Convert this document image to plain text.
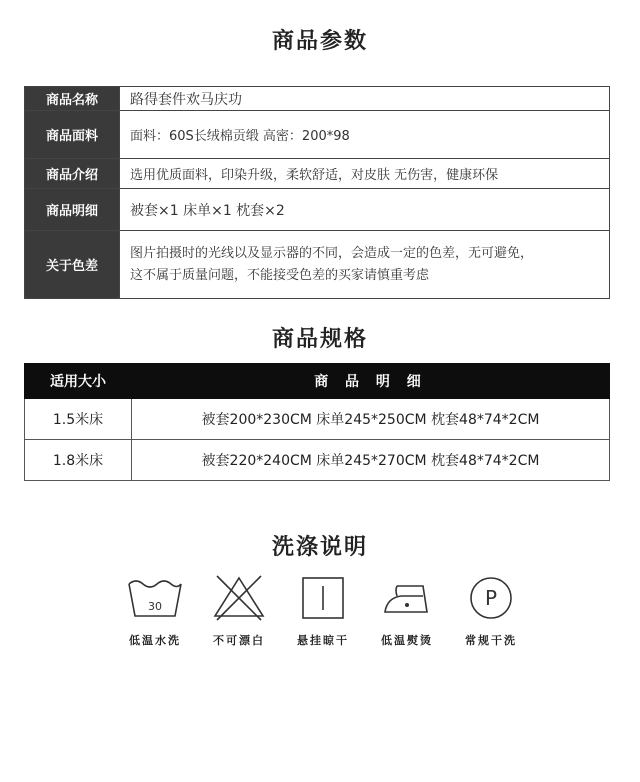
商品参数
商品名称	路得套件欢马庆功
商品面料	面料：60S长绒棉贡缎 高密：200*98
商品介绍	选用优质面料，印染升级，柔软舒适，对皮肤 无伤害，健康环保
商品明细	被套×1 床单×1 枕套×2
关于色差	图片拍摄时的光线以及显示器的不同，会造成一定的色差，无可避免，
这不属于质量问题，不能接受色差的买家请慎重考虑
商品规格
适用大小	商 品 明 细
1.5米床	被套200*230CM 床单245*250CM 枕套48*74*2CM
1.8米床	被套220*240CM 床单245*270CM 枕套48*74*2CM
洗涤说明
30
低温水洗	不可漂白	悬挂晾干	低温熨烫
P
常规干洗
